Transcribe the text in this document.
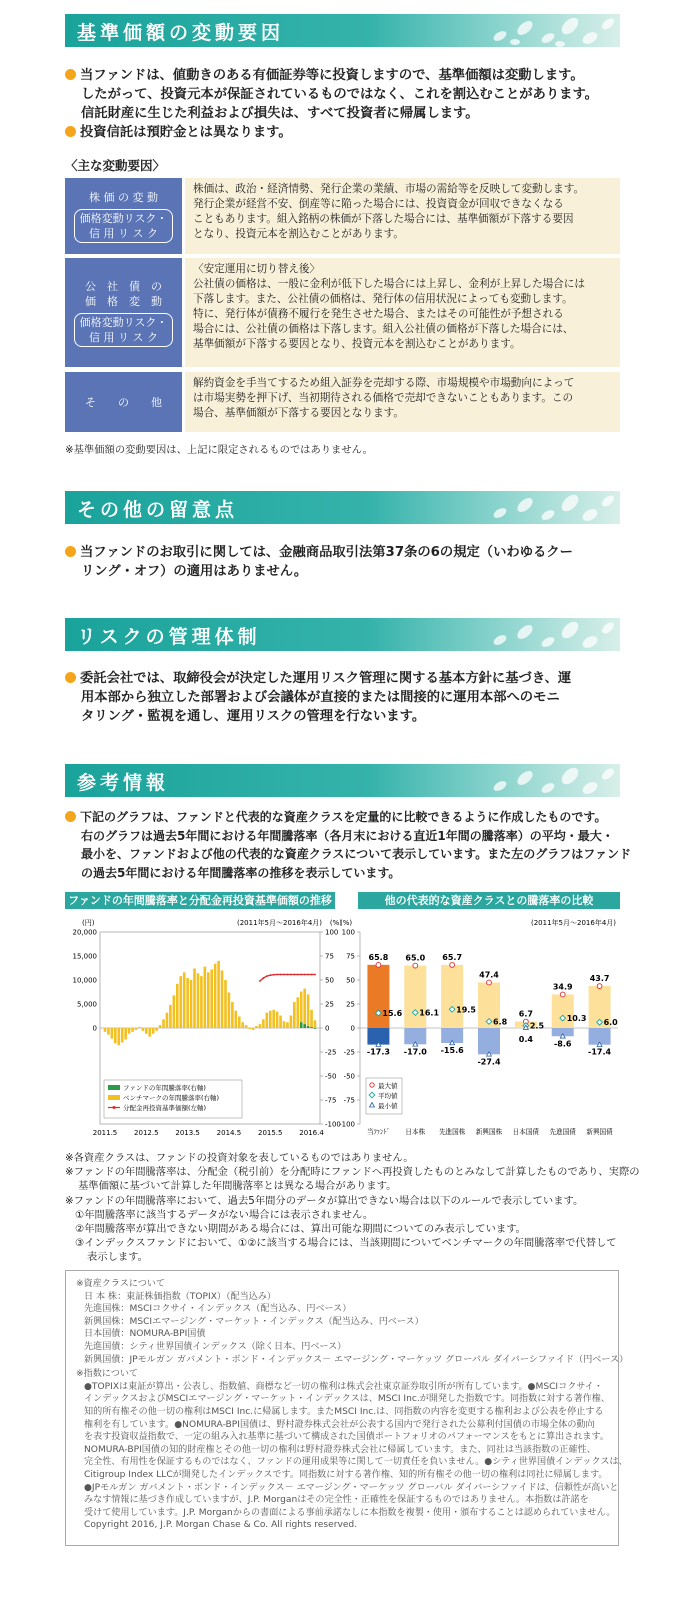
基準価額の変動要因
当ファンドは、値動きのある有価証券等に投資しますので、基準価額は変動します。
したがって、投資元本が保証されているものではなく、これを割込むことがあります。
信託財産に生じた利益および損失は、すべて投資者に帰属します。
投資信託は預貯金とは異なります。
〈主な変動要因〉
株 価 の 変 動
価格変動リスク・
信 用 リ ス ク
株価は、政治・経済情勢、発行企業の業績、市場の需給等を反映して変動します。
発行企業が経営不安、倒産等に陥った場合には、投資資金が回収できなくなる
こともあります。組入銘柄の株価が下落した場合には、基準価額が下落する要因
となり、投資元本を割込むことがあります。
公　社　債　の
価　格　変　動
価格変動リスク・
信 用 リ ス ク
〈安定運用に切り替え後〉
公社債の価格は、一般に金利が低下した場合には上昇し、金利が上昇した場合には
下落します。また、公社債の価格は、発行体の信用状況によっても変動します。
特に、発行体が債務不履行を発生させた場合、またはその可能性が予想される
場合には、公社債の価格は下落します。組入公社債の価格が下落した場合には、
基準価額が下落する要因となり、投資元本を割込むことがあります。
そ　　の　　他
解約資金を手当てするため組入証券を売却する際、市場規模や市場動向によって
は市場実勢を押下げ、当初期待される価格で売却できないこともあります。この
場合、基準価額が下落する要因となります。
※基準価額の変動要因は、上記に限定されるものではありません。
その他の留意点
当ファンドのお取引に関しては、金融商品取引法第37条の6の規定（いわゆるクー
リング・オフ）の適用はありません。
リスクの管理体制
委託会社では、取締役会が決定した運用リスク管理に関する基本方針に基づき、運
用本部から独立した部署および会議体が直接的または間接的に運用本部へのモニ
タリング・監視を通し、運用リスクの管理を行ないます。
参考情報
下記のグラフは、ファンドと代表的な資産クラスを定量的に比較できるように作成したものです。
右のグラフは過去5年間における年間騰落率（各月末における直近1年間の騰落率）の平均・最大・
最小を、ファンドおよび他の代表的な資産クラスについて表示しています。また左のグラフはファンド
の過去5年間における年間騰落率の推移を表示しています。
ファンドの年間騰落率と分配金再投資基準価額の推移	他の代表的な資産クラスとの騰落率の比較
(2011年5月～2016年4月)
(円)	(%)
20,000
15,000
10,000
5,000
0
100
75
50
25
0
-25
-50
-75
-100
2011.5 2012.5 2013.5 2014.5 2015.5 2016.4
ファンドの年間騰落率(右軸)
ベンチマークの年間騰落率(右軸)
分配金再投資基準価額(左軸)
(2011年5月～2016年4月)
(%)
100
75
50
25
0
-25
-50
-75
-100
当ﾌｧﾝﾄﾞ 日本株 先進国株 新興国株 日本国債 先進国債 新興国債
65.8
15.6
-17.3
65.0
16.1
-17.0
65.7
19.5
-15.6
47.4
6.8
-27.4
6.7
2.5
0.4
34.9
10.3
-8.6
43.7
6.0
-17.4
最大値
平均値
最小値
※各資産クラスは、ファンドの投資対象を表しているものではありません。
※ファンドの年間騰落率は、分配金（税引前）を分配時にファンドへ再投資したものとみなして計算したものであり、実際の
基準価額に基づいて計算した年間騰落率とは異なる場合があります。
※ファンドの年間騰落率において、過去5年間分のデータが算出できない場合は以下のルールで表示しています。
①年間騰落率に該当するデータがない場合には表示されません。
②年間騰落率が算出できない期間がある場合には、算出可能な期間についてのみ表示しています。
③インデックスファンドにおいて、①②に該当する場合には、当該期間についてベンチマークの年間騰落率で代替して
表示します。
※資産クラスについて
日 本 株：東証株価指数（TOPIX）（配当込み）
先進国株：MSCIコクサイ・インデックス（配当込み、円ベース）
新興国株：MSCIエマージング・マーケット・インデックス（配当込み、円ベース）
日本国債：NOMURA-BPI国債
先進国債：シティ世界国債インデックス（除く日本、円ベース）
新興国債：JPモルガン ガバメント・ボンド・インデックス－ エマージング・マーケッツ グローバル ダイバーシファイド（円ベース）
※指数について
●TOPIXは東証が算出・公表し、指数値、商標など一切の権利は株式会社東京証券取引所が所有しています。●MSCIコクサイ・
インデックスおよびMSCIエマージング・マーケット・インデックスは、MSCI Inc.が開発した指数です。同指数に対する著作権、
知的所有権その他一切の権利はMSCI Inc.に帰属します。またMSCI Inc.は、同指数の内容を変更する権利および公表を停止する
権利を有しています。●NOMURA-BPI国債は、野村證券株式会社が公表する国内で発行された公募利付国債の市場全体の動向
を表す投資収益指数で、一定の組み入れ基準に基づいて構成された国債ポートフォリオのパフォーマンスをもとに算出されます。
NOMURA-BPI国債の知的財産権とその他一切の権利は野村證券株式会社に帰属しています。また、同社は当該指数の正確性、
完全性、有用性を保証するものではなく、ファンドの運用成果等に関して一切責任を負いません。●シティ世界国債インデックスは、
Citigroup Index LLCが開発したインデックスです。同指数に対する著作権、知的所有権その他一切の権利は同社に帰属します。
●JPモルガン ガバメント・ボンド・インデックス－ エマージング・マーケッツ グローバル ダイバーシファイドは、信頼性が高いと
みなす情報に基づき作成していますが、J.P. Morganはその完全性・正確性を保証するものではありません。本指数は許諾を
受けて使用しています。J.P. Morganからの書面による事前承諾なしに本指数を複製・使用・頒布することは認められていません。
Copyright 2016, J.P. Morgan Chase & Co. All rights reserved.
